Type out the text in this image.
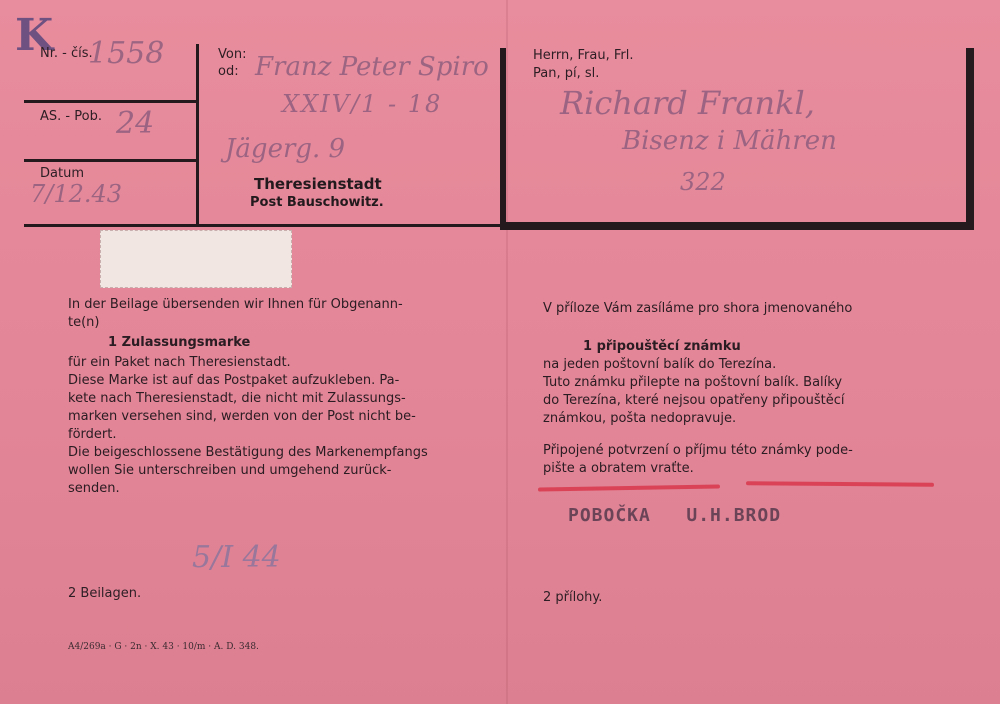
K
Nr. - čís.
1558
AS. - Pob. 24
Datum
7/12.43
Von:
od: Franz Peter Spiro
XXIV/1 - 18
Jägerg. 9
Theresienstadt
Post Bauschowitz.
Herrn, Frau, Frl.
Pan, pí, sl.
Richard Frankl,
Bisenz i Mähren
322
In der Beilage übersenden wir Ihnen für Obgenann-
te(n)
1 Zulassungsmarke
für ein Paket nach Theresienstadt.
Diese Marke ist auf das Postpaket aufzukleben. Pa-
kete nach Theresienstadt, die nicht mit Zulassungs-
marken versehen sind, werden von der Post nicht be-
fördert.
Die beigeschlossene Bestätigung des Markenempfangs
wollen Sie unterschreiben und umgehend zurück-
senden.
5/I 44
2 Beilagen.
A4/269a · G · 2n · X. 43 · 10/m · A. D. 348.
V příloze Vám zasíláme pro shora jmenovaného
1 připouštěcí známku
na jeden poštovní balík do Terezína.
Tuto známku přilepte na poštovní balík. Balíky
do Terezína, které nejsou opatřeny připouštěcí
známkou, pošta nedopravuje.
Připojené potvrzení o příjmu této známky pode-
pište a obratem vraťte.
POBOČKA   U.H.BROD
2 přílohy.
